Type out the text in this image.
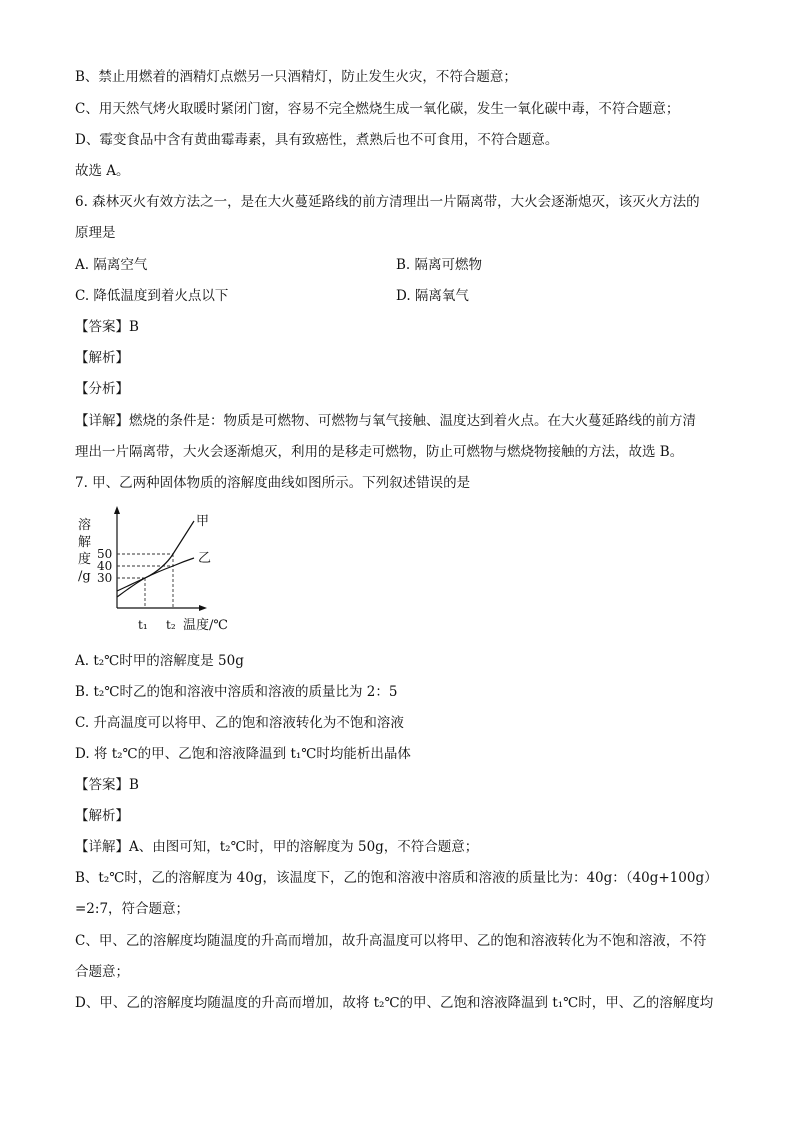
B、禁止用燃着的酒精灯点燃另一只酒精灯，防止发生火灾，不符合题意；
C、用天然气烤火取暖时紧闭门窗，容易不完全燃烧生成一氧化碳，发生一氧化碳中毒，不符合题意；
D、霉变食品中含有黄曲霉毒素，具有致癌性，煮熟后也不可食用，不符合题意。
故选 A。
6. 森林灭火有效方法之一，是在大火蔓延路线的前方清理出一片隔离带，大火会逐渐熄灭，该灭火方法的
原理是
A. 隔离空气	B. 隔离可燃物
C. 降低温度到着火点以下	D. 隔离氧气
【答案】B
【解析】
【分析】
【详解】燃烧的条件是：物质是可燃物、可燃物与氧气接触、温度达到着火点。在大火蔓延路线的前方清
理出一片隔离带，大火会逐渐熄灭，利用的是移走可燃物，防止可燃物与燃烧物接触的方法，故选 B。
7. 甲、乙两种固体物质的溶解度曲线如图所示。下列叙述错误的是
溶
解
度
/g
50
40
30
甲
乙
t₁ t₂ 温度/℃
A. t₂℃时甲的溶解度是 50g
B. t₂℃时乙的饱和溶液中溶质和溶液的质量比为 2：5
C. 升高温度可以将甲、乙的饱和溶液转化为不饱和溶液
D. 将 t₂℃的甲、乙饱和溶液降温到 t₁℃时均能析出晶体
【答案】B
【解析】
【详解】A、由图可知，t₂℃时，甲的溶解度为 50g，不符合题意；
B、t₂℃时，乙的溶解度为 40g，该温度下，乙的饱和溶液中溶质和溶液的质量比为：40g：（40g+100g）
=2:7，符合题意；
C、甲、乙的溶解度均随温度的升高而增加，故升高温度可以将甲、乙的饱和溶液转化为不饱和溶液，不符
合题意；
D、甲、乙的溶解度均随温度的升高而增加，故将 t₂℃的甲、乙饱和溶液降温到 t₁℃时，甲、乙的溶解度均
